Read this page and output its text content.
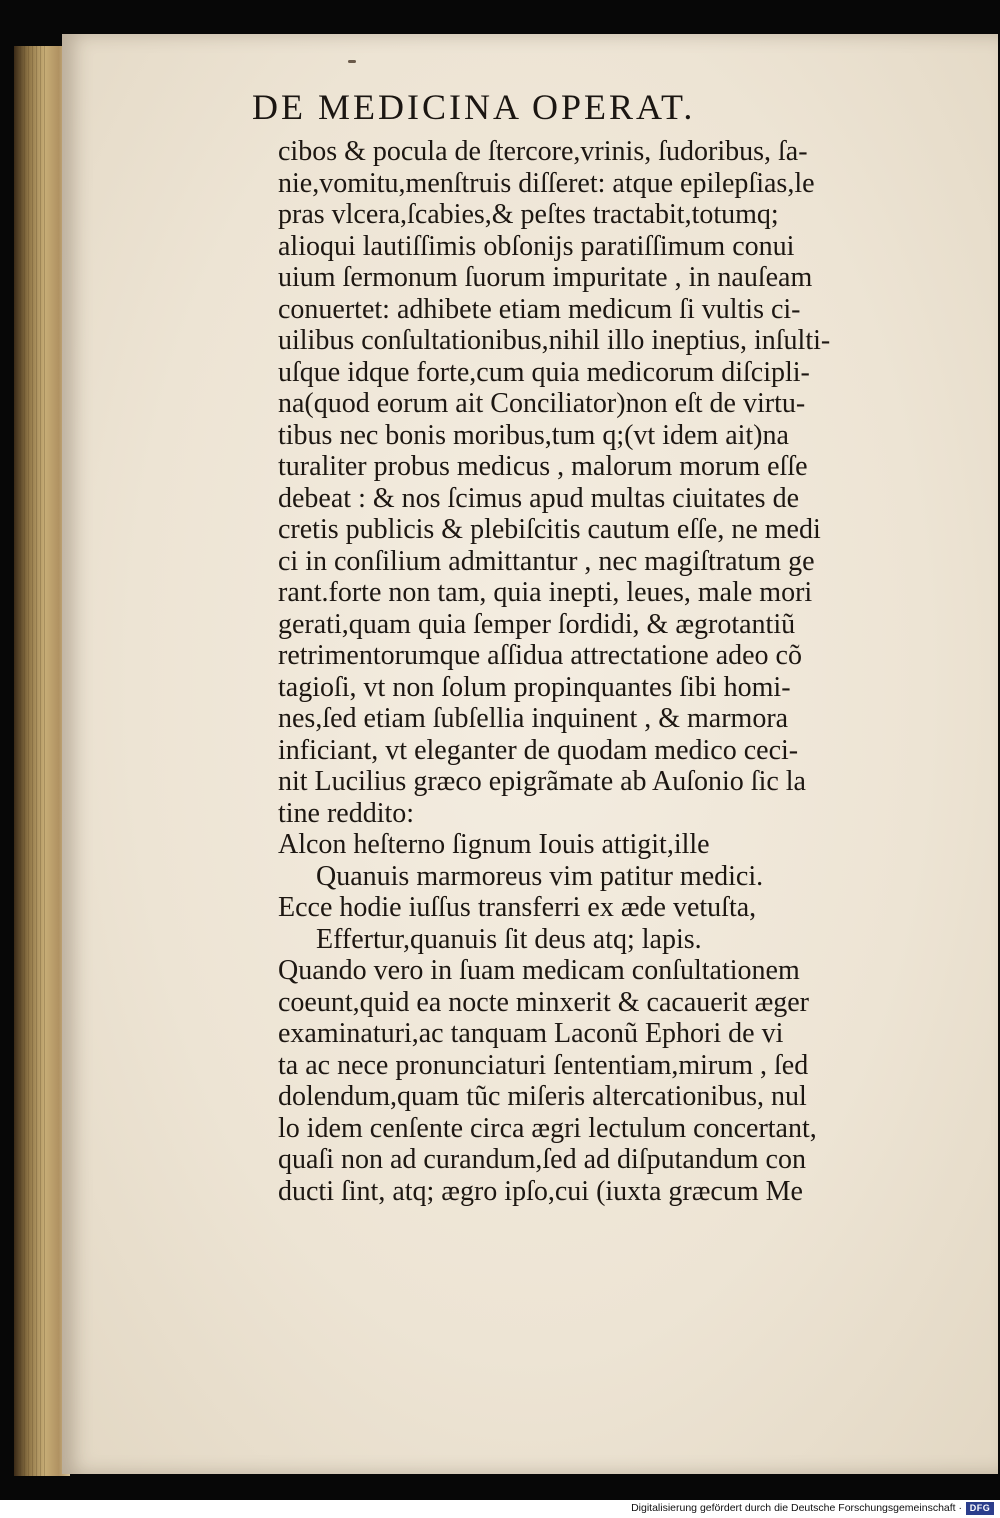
DE MEDICINA OPERAT.
cibos & pocula de ſtercore,vrinis, ſudoribus, ſa-
nie,vomitu,menſtruis diſſeret: atque epilepſias,le
pras vlcera,ſcabies,& peſtes tractabit,totumq;
alioqui lautiſſimis obſonijs paratiſſimum conui
uium ſermonum ſuorum impuritate , in nauſeam
conuertet: adhibete etiam medicum ſi vultis ci-
uilibus conſultationibus,nihil illo ineptius, inſulti-
uſque idque forte,cum quia medicorum diſcipli-
na(quod eorum ait Conciliator)non eſt de virtu-
tibus nec bonis moribus,tum q;(vt idem ait)na
turaliter probus medicus , malorum morum eſſe
debeat : & nos ſcimus apud multas ciuitates de
cretis publicis & plebiſcitis cautum eſſe, ne medi
ci in conſilium admittantur , nec magiſtratum ge
rant.forte non tam, quia inepti, leues, male mori
gerati,quam quia ſemper ſordidi, & ægrotantiũ
retrimentorumque aſſidua attrectatione adeo cõ
tagioſi, vt non ſolum propinquantes ſibi homi-
nes,ſed etiam ſubſellia inquinent , & marmora
inficiant, vt eleganter de quodam medico ceci-
nit Lucilius græco epigrãmate ab Auſonio ſic la
tine reddito:
Alcon heſterno ſignum Iouis attigit,ille
Quanuis marmoreus vim patitur medici.
Ecce hodie iuſſus transferri ex æde vetuſta,
Effertur,quanuis ſit deus atq; lapis.
Quando vero in ſuam medicam conſultationem
coeunt,quid ea nocte minxerit & cacauerit æger
examinaturi,ac tanquam Laconũ Ephori de vi
ta ac nece pronunciaturi ſententiam,mirum , ſed
dolendum,quam tũc miſeris altercationibus, nul
lo idem cenſente circa ægri lectulum concertant,
quaſi non ad curandum,ſed ad diſputandum con
ducti ſint, atq; ægro ipſo,cui (iuxta græcum Me
Digitalisierung gefördert durch die Deutsche Forschungsgemeinschaft · DFG
